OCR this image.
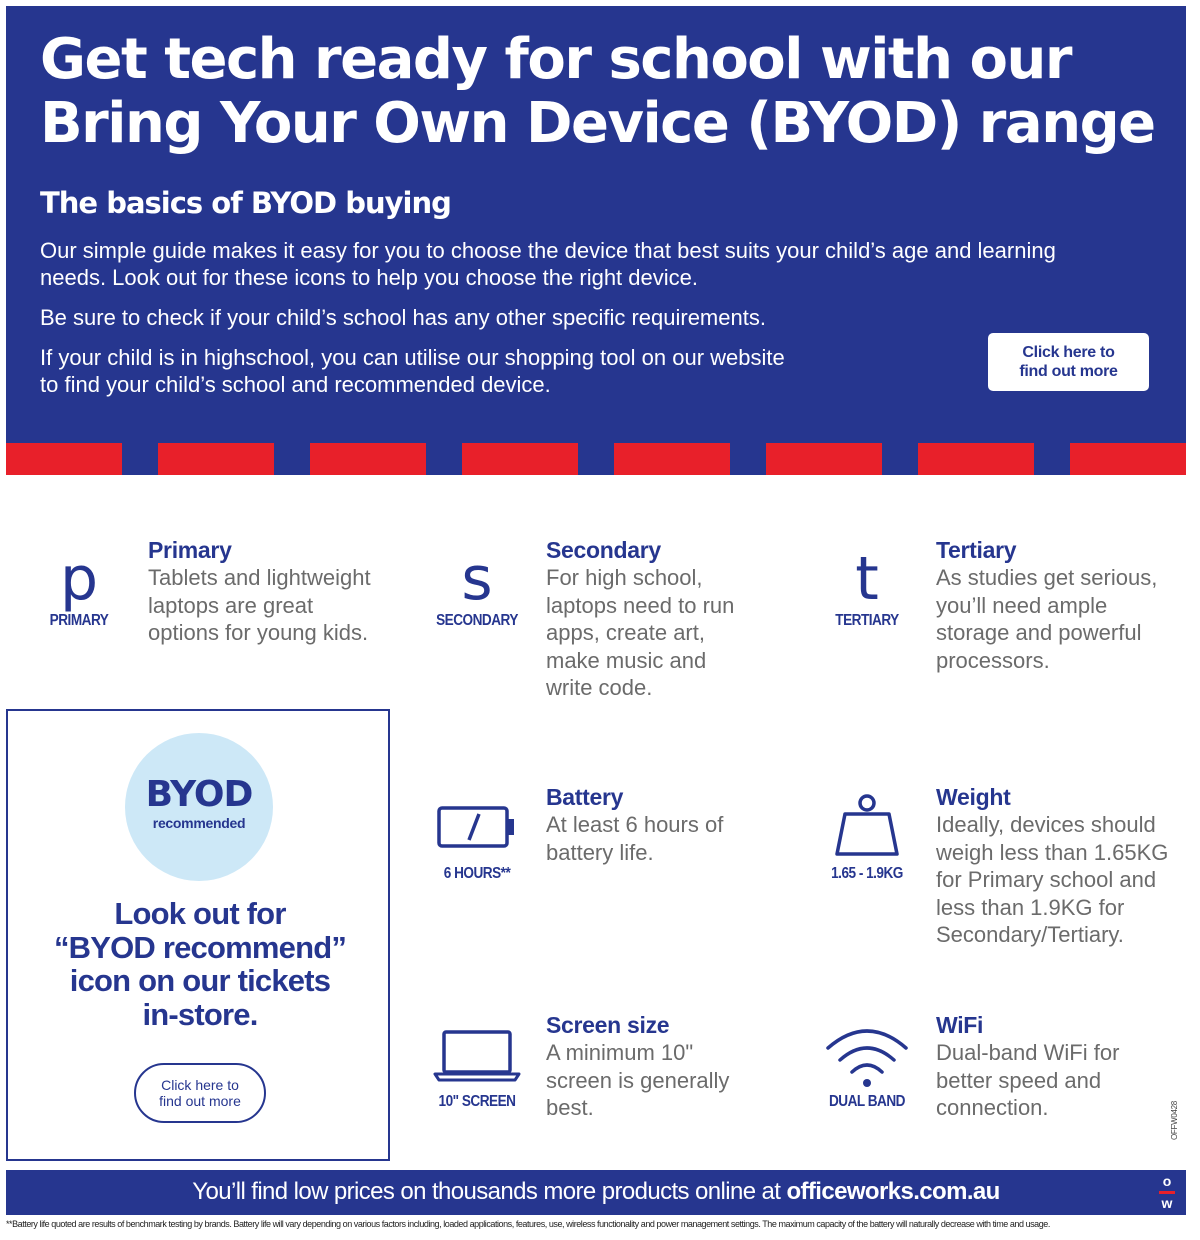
Get tech ready for school with our
Bring Your Own Device (BYOD) range
The basics of BYOD buying
Our simple guide makes it easy for you to choose the device that best suits your child’s age and learning needs. Look out for these icons to help you choose the right device.
Be sure to check if your child’s school has any other specific requirements.
If your child is in highschool, you can utilise our shopping tool on our website to find your child’s school and recommended device.
Click here to
find out more
p
PRIMARY
Primary
Tablets and lightweight laptops are great options for young kids.
s
SECONDARY
Secondary
For high school, laptops need to run apps, create art, make music and write code.
t
TERTIARY
Tertiary
As studies get serious, you’ll need ample storage and powerful processors.
BYOD
recommended
Look out for
“BYOD recommend”
icon on our tickets
in-store.
Click here to
find out more
6 HOURS**
Battery
At least 6 hours of battery life.
1.65 - 1.9KG
Weight
Ideally, devices should weigh less than 1.65KG for Primary school and less than 1.9KG for Secondary/Tertiary.
10" SCREEN
Screen size
A minimum 10" screen is generally best.	DUAL BAND
WiFi
Dual-band WiFi for better speed and connection.	OFFW0428
You’ll find low prices on thousands more products online at officeworks.com.au	o
w
**Battery life quoted are results of benchmark testing by brands. Battery life will vary depending on various factors including, loaded applications, features, use, wireless functionality and power management settings. The maximum capacity of the battery will naturally decrease with time and usage.
